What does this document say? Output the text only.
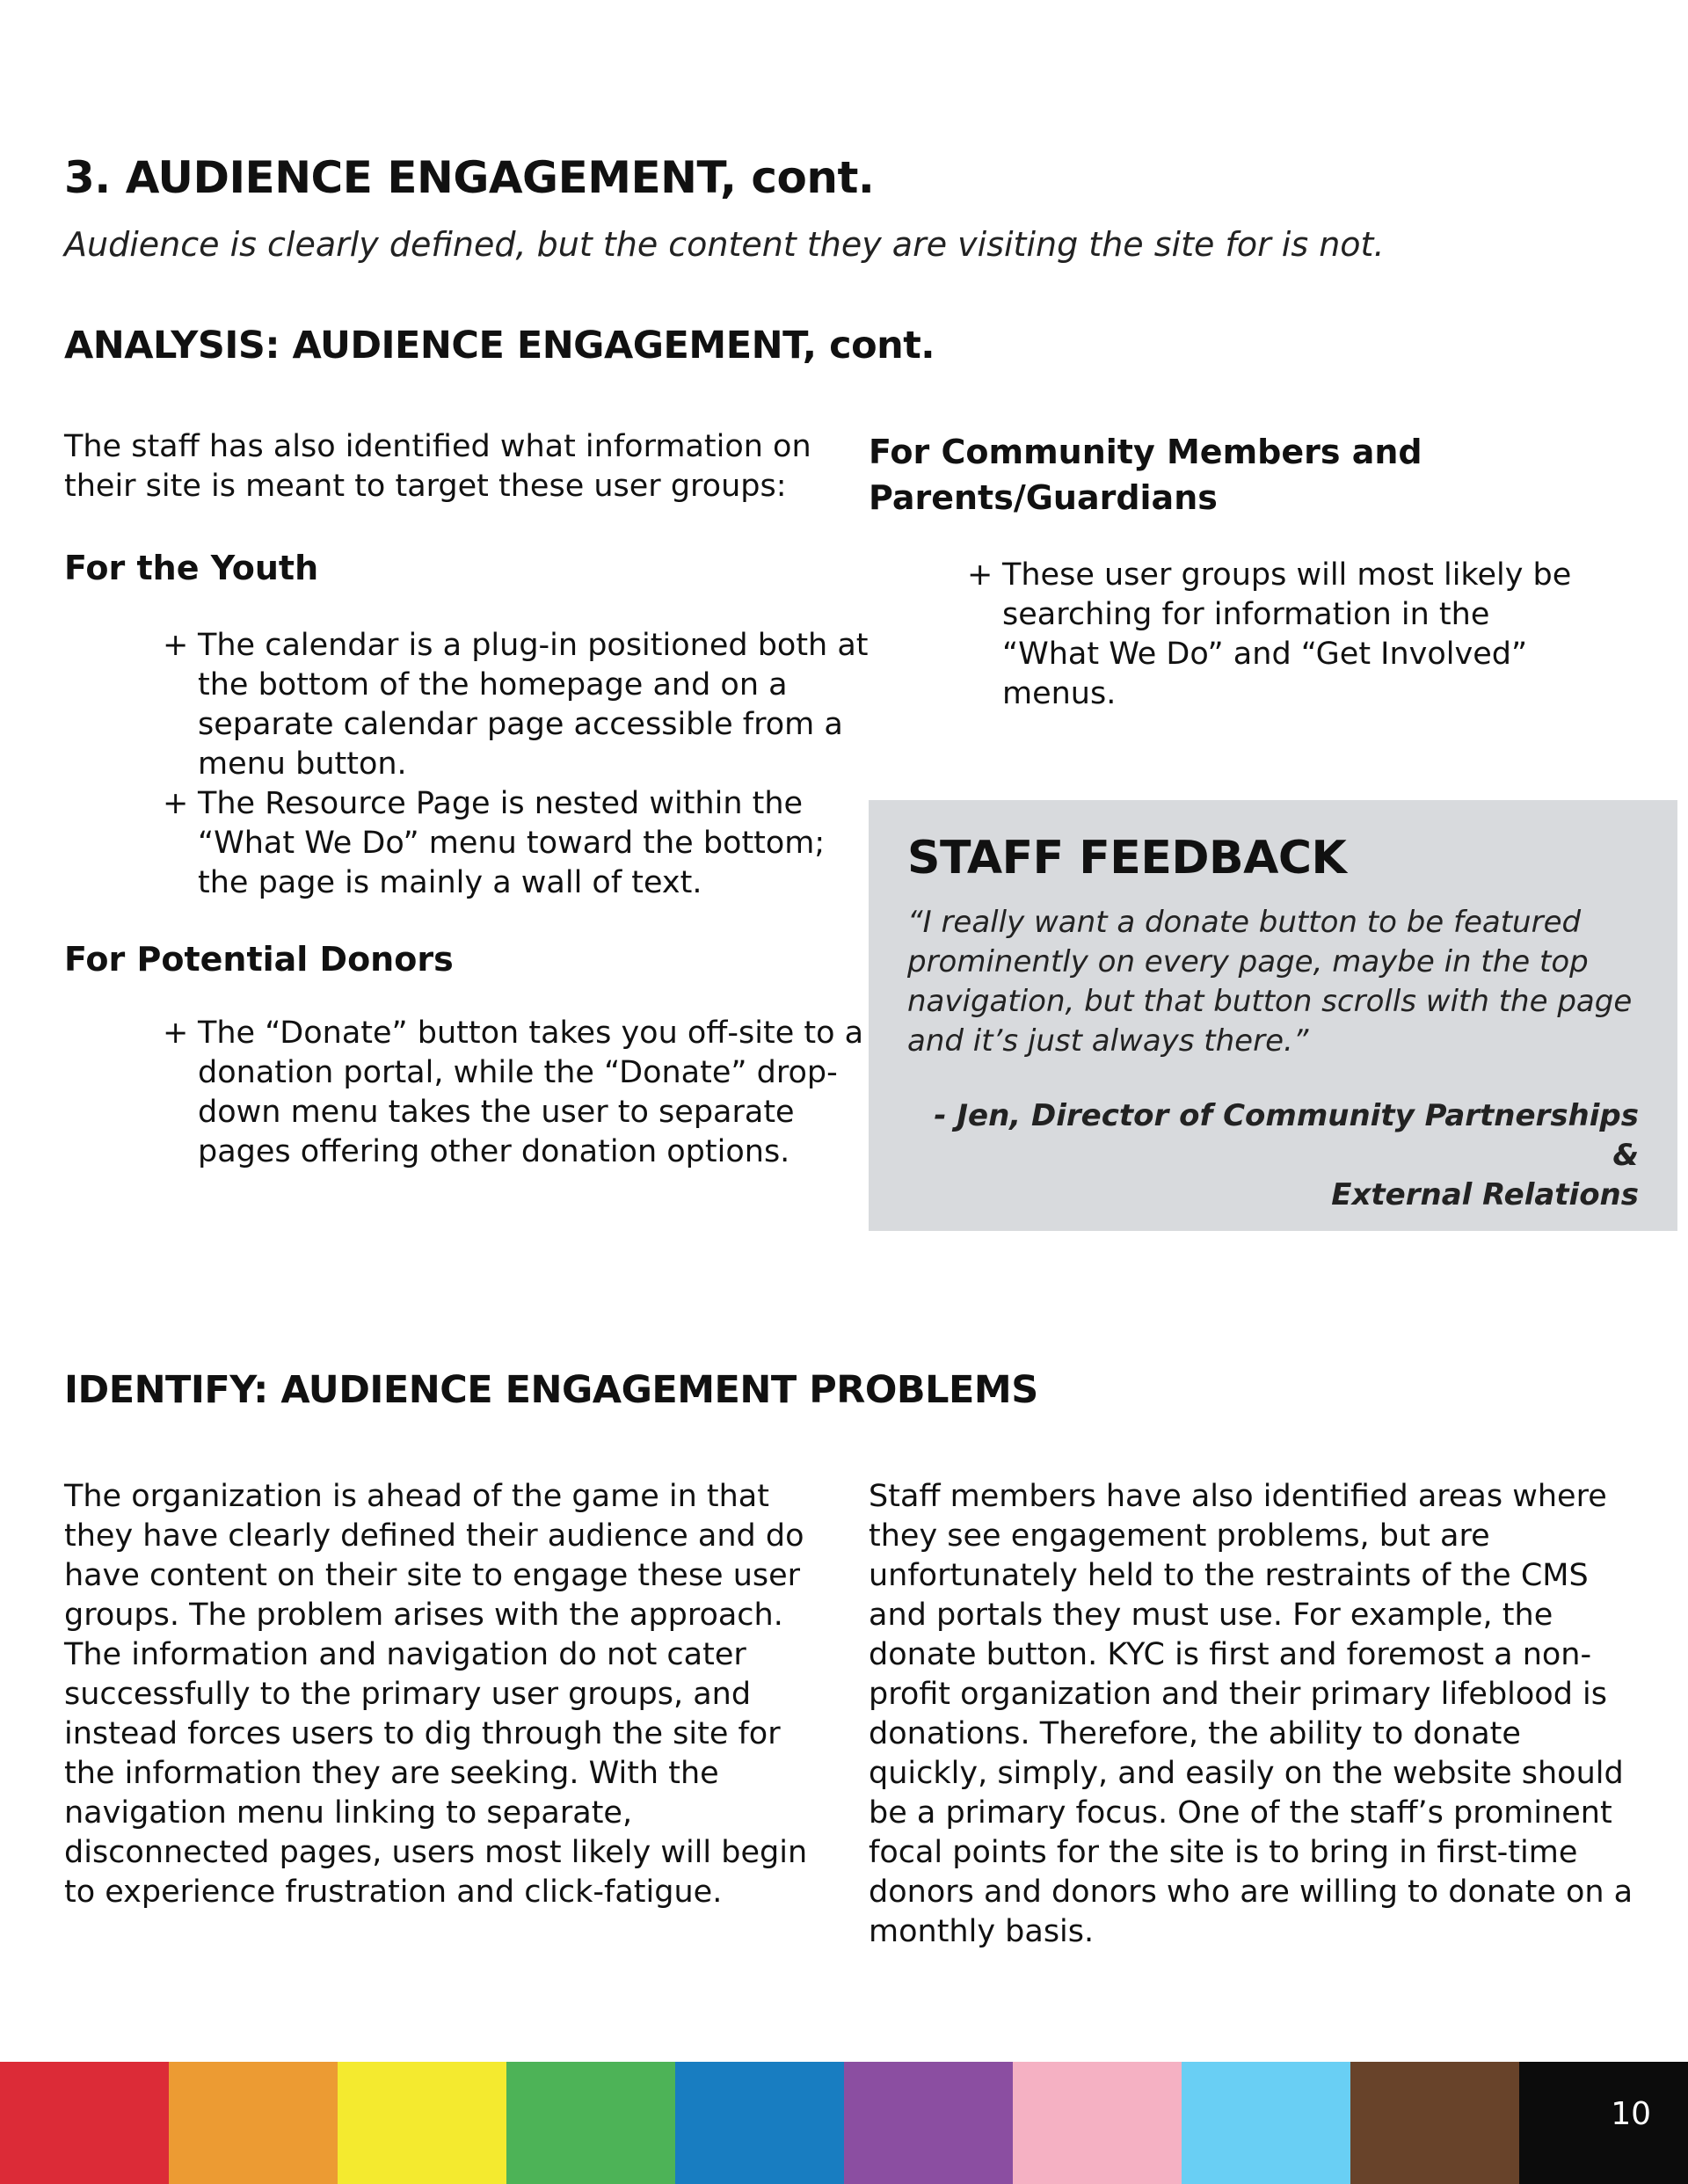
3. AUDIENCE ENGAGEMENT, cont.

Audience is clearly defined, but the content they are visiting the site for is not.

ANALYSIS: AUDIENCE ENGAGEMENT, cont.

The staff has also identified what information on their site is meant to target these user groups:

For the Youth

+ The calendar is a plug-in positioned both at the bottom of the homepage and on a separate calendar page accessible from a menu button.
+ The Resource Page is nested within the “What We Do” menu toward the bottom; the page is mainly a wall of text.

For Potential Donors

+ The “Donate” button takes you off-site to a donation portal, while the “Donate” drop-down menu takes the user to separate pages offering other donation options.

For Community Members and Parents/Guardians

+ These user groups will most likely be searching for information in the “What We Do” and “Get Involved” menus.
STAFF FEEDBACK

“I really want a donate button to be featured prominently on every page, maybe in the top navigation, but that button scrolls with the page and it’s just always there.”

- Jen, Director of Community Partnerships &
External Relations

IDENTIFY: AUDIENCE ENGAGEMENT PROBLEMS

The organization is ahead of the game in that they have clearly defined their audience and do have content on their site to engage these user groups. The problem arises with the approach. The information and navigation do not cater successfully to the primary user groups, and instead forces users to dig through the site for the information they are seeking. With the navigation menu linking to separate, disconnected pages, users most likely will begin to experience frustration and click-fatigue.

Staff members have also identified areas where they see engagement problems, but are unfortunately held to the restraints of the CMS and portals they must use. For example, the donate button. KYC is first and foremost a non-profit organization and their primary lifeblood is donations. Therefore, the ability to donate quickly, simply, and easily on the website should be a primary focus. One of the staff’s prominent focal points for the site is to bring in first-time donors and donors who are willing to donate on a monthly basis.

10
